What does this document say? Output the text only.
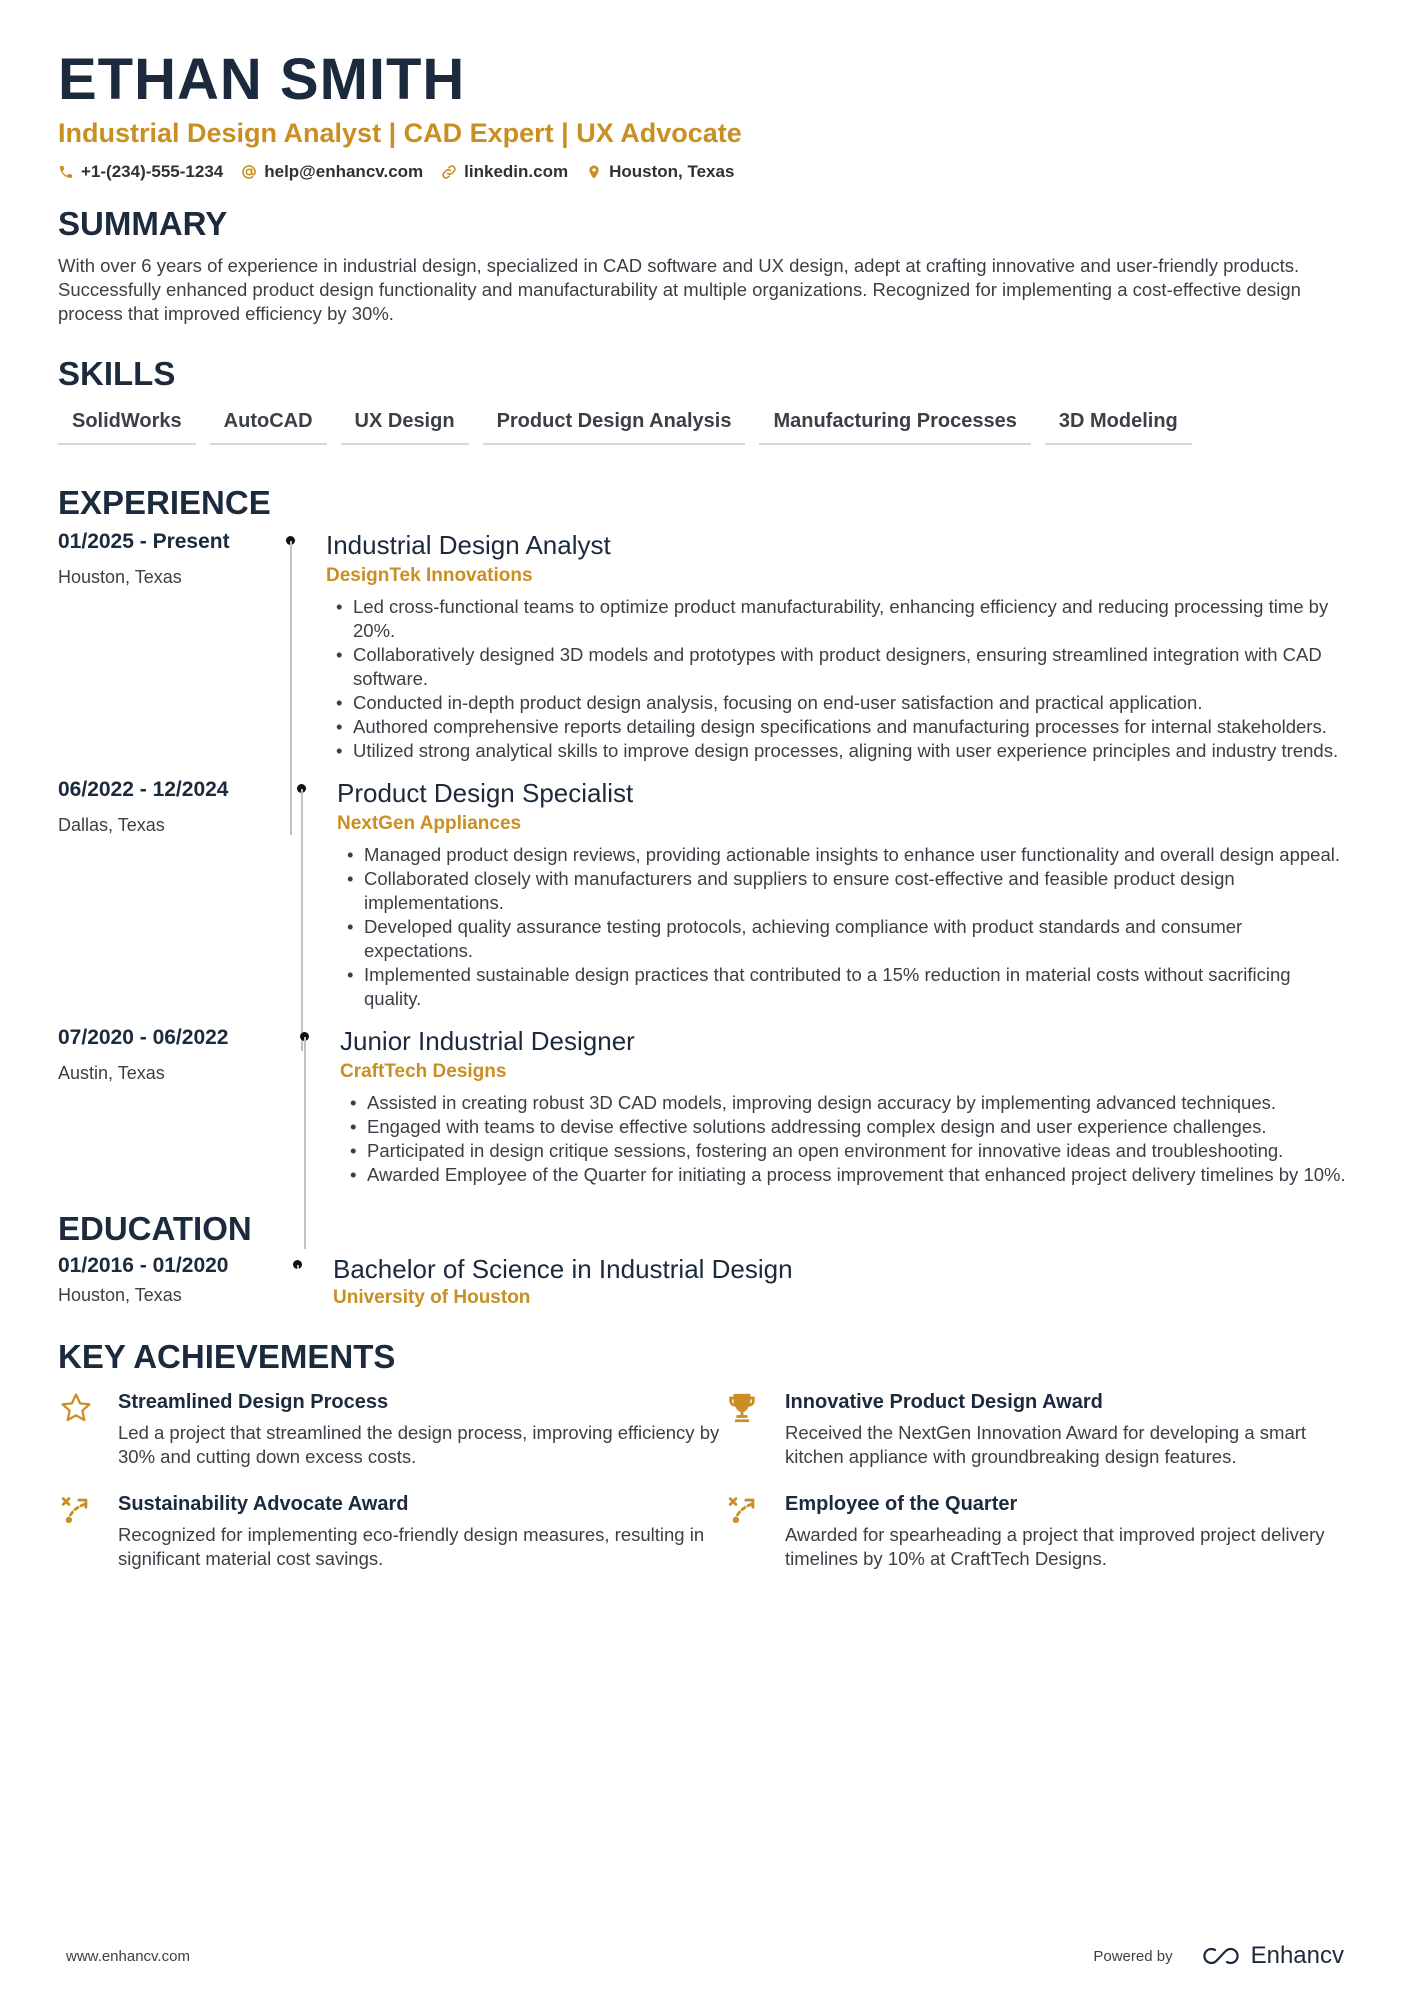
ETHAN SMITH
Industrial Design Analyst | CAD Expert | UX Advocate
+1-(234)-555-1234 help@enhancv.com linkedin.com Houston, Texas
SUMMARY
With over 6 years of experience in industrial design, specialized in CAD software and UX design, adept at crafting innovative and user-friendly products. Successfully enhanced product design functionality and manufacturability at multiple organizations. Recognized for implementing a cost-effective design process that improved efficiency by 30%.
SKILLS
SolidWorks	AutoCAD	UX Design	Product Design Analysis	Manufacturing Processes	3D Modeling
EXPERIENCE
01/2025 - Present
Houston, Texas
Industrial Design Analyst
DesignTek Innovations
• Led cross-functional teams to optimize product manufacturability, enhancing efficiency and reducing processing time by 20%.
• Collaboratively designed 3D models and prototypes with product designers, ensuring streamlined integration with CAD software.
• Conducted in-depth product design analysis, focusing on end-user satisfaction and practical application.
• Authored comprehensive reports detailing design specifications and manufacturing processes for internal stakeholders.
• Utilized strong analytical skills to improve design processes, aligning with user experience principles and industry trends.
06/2022 - 12/2024
Dallas, Texas
Product Design Specialist
NextGen Appliances
• Managed product design reviews, providing actionable insights to enhance user functionality and overall design appeal.
• Collaborated closely with manufacturers and suppliers to ensure cost-effective and feasible product design implementations.
• Developed quality assurance testing protocols, achieving compliance with product standards and consumer expectations.
• Implemented sustainable design practices that contributed to a 15% reduction in material costs without sacrificing quality.
07/2020 - 06/2022
Austin, Texas
Junior Industrial Designer
CraftTech Designs
• Assisted in creating robust 3D CAD models, improving design accuracy by implementing advanced techniques.
• Engaged with teams to devise effective solutions addressing complex design and user experience challenges.
• Participated in design critique sessions, fostering an open environment for innovative ideas and troubleshooting.
• Awarded Employee of the Quarter for initiating a process improvement that enhanced project delivery timelines by 10%.
EDUCATION
01/2016 - 01/2020
Houston, Texas
Bachelor of Science in Industrial Design
University of Houston
KEY ACHIEVEMENTS
Streamlined Design Process
Led a project that streamlined the design process, improving efficiency by 30% and cutting down excess costs.
Innovative Product Design Award
Received the NextGen Innovation Award for developing a smart kitchen appliance with groundbreaking design features.
Sustainability Advocate Award
Recognized for implementing eco-friendly design measures, resulting in significant material cost savings.
Employee of the Quarter
Awarded for spearheading a project that improved project delivery timelines by 10% at CraftTech Designs.
www.enhancv.com	Powered by	Enhancv
